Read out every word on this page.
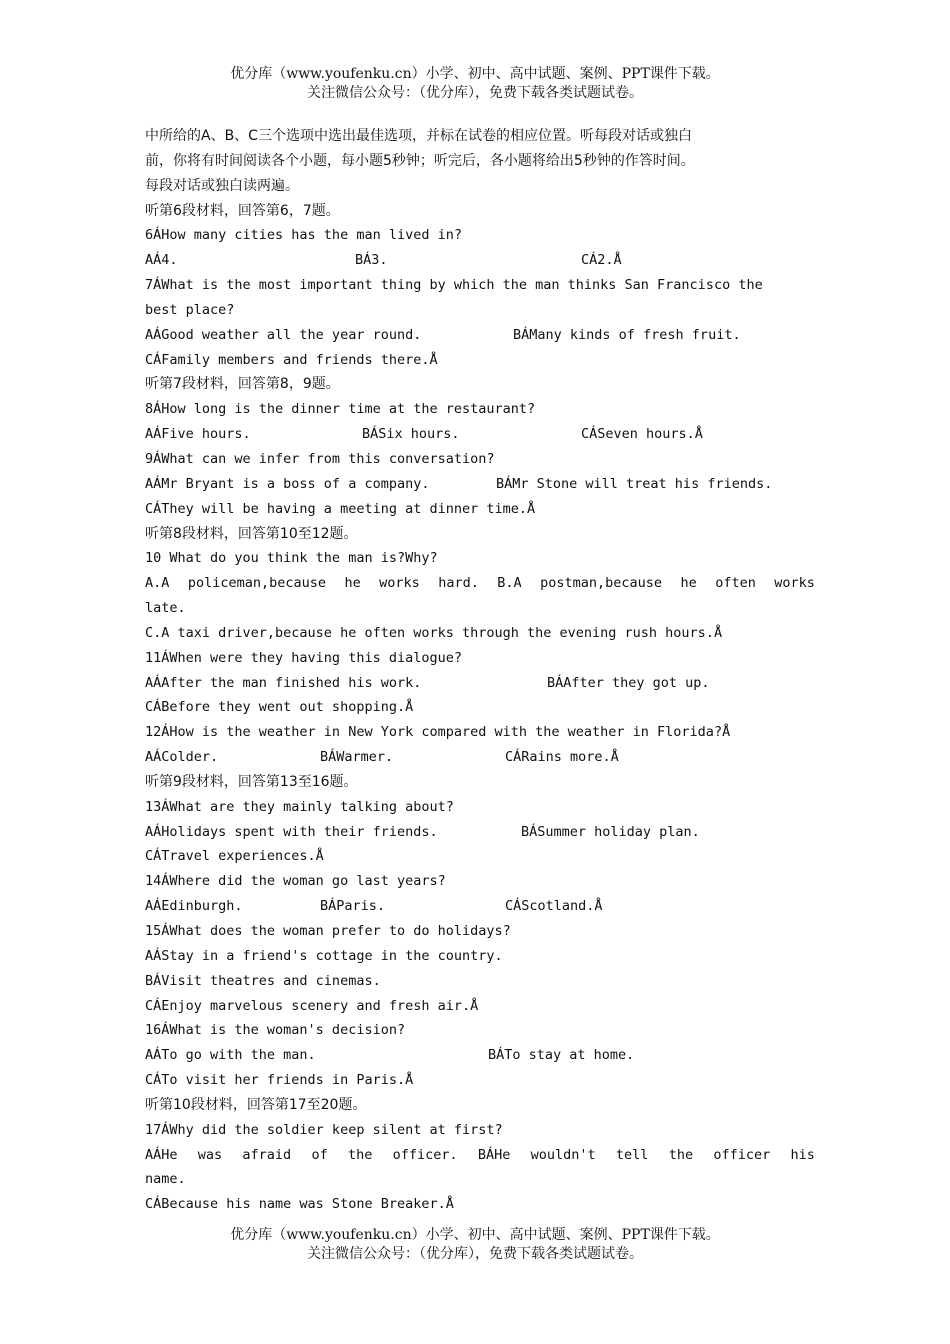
优分库（www.youfenku.cn）小学、初中、高中试题、案例、PPT课件下载。
关注微信公众号：（优分库），免费下载各类试题试卷。
中所给的A、B、C三个选项中选出最佳选项，并标在试卷的相应位置。听每段对话或独白
前，你将有时间阅读各个小题，每小题5秒钟；听完后，各小题将给出5秒钟的作答时间。
每段对话或独白读两遍。
听第6段材料，回答第6，7题。
6ÁHow many cities has the man lived in?
AÁ4.	BÁ3.	CÁ2.Å
7ÁWhat is the most important thing by which the man thinks San Francisco the
best place?
AÁGood weather all the year round.	BÁMany kinds of fresh fruit.
CÁFamily members and friends there.Å
听第7段材料，回答第8，9题。
8ÁHow long is the dinner time at the restaurant?
AÁFive hours.	BÁSix hours.	CÁSeven hours.Å
9ÁWhat can we infer from this conversation?
AÁMr Bryant is a boss of a company.	BÁMr Stone will treat his friends.
CÁThey will be having a meeting at dinner time.Å
听第8段材料，回答第10至12题。
10 What do you think the man is?Why?
A.A policeman,because he works hard. B.A postman,because he often works
late.
C.A taxi driver,because he often works through the evening rush hours.Å
11ÁWhen were they having this dialogue?
AÁAfter the man finished his work.	BÁAfter they got up.
CÁBefore they went out shopping.Å
12ÁHow is the weather in New York compared with the weather in Florida?Å
AÁColder.	BÁWarmer.	CÁRains more.Å
听第9段材料，回答第13至16题。
13ÁWhat are they mainly talking about?
AÁHolidays spent with their friends.	BÁSummer holiday plan.
CÁTravel experiences.Å
14ÁWhere did the woman go last years?
AÁEdinburgh.	BÁParis.	CÁScotland.Å
15ÁWhat does the woman prefer to do holidays?
AÁStay in a friend's cottage in the country.
BÁVisit theatres and cinemas.
CÁEnjoy marvelous scenery and fresh air.Å
16ÁWhat is the woman's decision?
AÁTo go with the man.	BÁTo stay at home.
CÁTo visit her friends in Paris.Å
听第10段材料，回答第17至20题。
17ÁWhy did the soldier keep silent at first?
AÁHe was afraid of the officer. BÁHe wouldn't tell the officer his
name.
CÁBecause his name was Stone Breaker.Å
优分库（www.youfenku.cn）小学、初中、高中试题、案例、PPT课件下载。
关注微信公众号：（优分库），免费下载各类试题试卷。
